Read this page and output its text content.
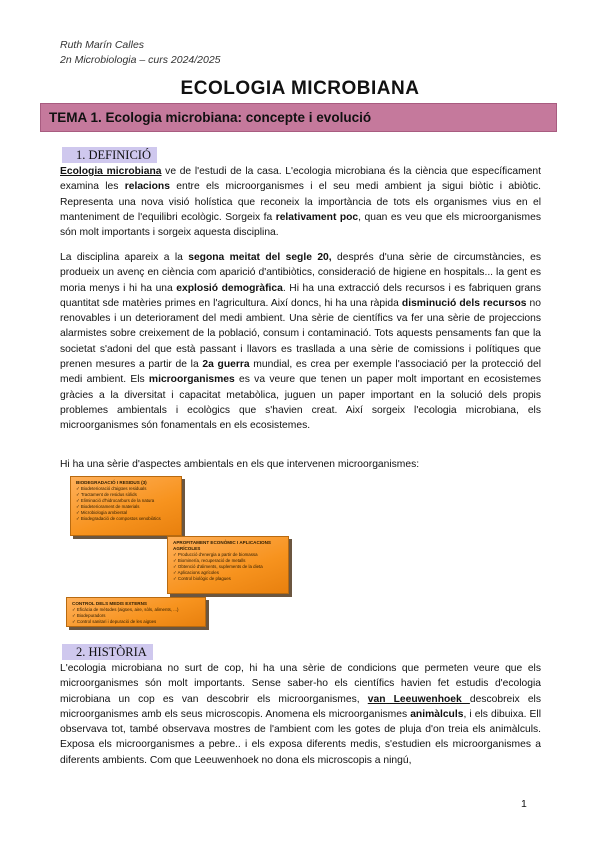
Ruth Marín Calles
2n Microbiologia – curs 2024/2025
ECOLOGIA MICROBIANA
TEMA 1. Ecologia microbiana: concepte i evolució
1. DEFINICIÓ

Ecologia microbiana ve de l'estudi de la casa. L'ecologia microbiana és la ciència que específicament examina les relacions entre els microorganismes i el seu medi ambient ja sigui biòtic i abiòtic. Representa una nova visió holística que reconeix la importància de tots els organismes vius en el manteniment de l'equilibri ecològic. Sorgeix fa relativament poc, quan es veu que els microorganismes són molt importants i sorgeix aquesta disciplina.

La disciplina apareix a la segona meitat del segle 20, després d'una sèrie de circumstàncies, es produeix un avenç en ciència com aparició d'antibiòtics, consideració de higiene en hospitals... la gent es moria menys i hi ha una explosió demogràfica. Hi ha una extracció dels recursos i es fabriquen grans quantitat sde matèries primes en l'agricultura. Així doncs, hi ha una ràpida disminució dels recursos no renovables i un deteriorament del medi ambient. Una sèrie de científics va fer una sèrie de projeccions alarmistes sobre creixement de la població, consum i contaminació. Tots aquests pensaments fan que la societat s'adoni del que està passant i llavors es trasllada a una sèrie de comissions i polítiques que prenen mesures a partir de la 2a guerra mundial, es crea per exemple l'associació per la protecció del medi ambient. Els microorganismes es va veure que tenen un paper molt important en ecosistemes gràcies a la diversitat i capacitat metabòlica, juguen un paper important en la solució dels propis problemes ambientals i ecològics que s'havien creat. Així sorgeix l'ecologia microbiana, els microorganismes són fonamentals en els ecosistemes.

Hi ha una sèrie d'aspectes ambientals en els que intervenen microorganismes:

BIODEGRADACIÓ I RESIDUS (3)
✓ Biodeterioració d'aigües residuals
✓ Tractament de residus sòlids
✓ Eliminació d'hidrocarburs de la natura
✓ Biodeteriorament de materials
✓ Microbiologia ambiental
✓ Biodegradació de compostos xenobiòtics
APROFITAMENT ECONÒMIC I APLICACIONS AGRÍCOLES
✓ Producció d'energia a partir de biomassa
✓ Biominería, recuperació de metalls
✓ Obtenció d'aliments, suplements de la dieta
✓ Aplicacions agrícoles
✓ Control biològic de plagues
CONTROL DELS MEDIS EXTERNS
✓ Eficàcia de mètodes (aigües, aire, sòls, aliments, ...)
✓ Biodepuradors
✓ Control sanitari i depuració de les aigües
2. HISTÒRIA

L'ecologia microbiana no surt de cop, hi ha una sèrie de condicions que permeten veure que els microorganismes són molt importants. Sense saber-ho els científics havien fet estudis d'ecologia microbiana un cop es van descobrir els microorganismes, van Leeuwenhoek descobreix els microorganismes amb els seus microscopis. Anomena els microorganismes animàlculs, i els dibuixa. Ell observava tot, també observava mostres de l'ambient com les gotes de pluja d'on treia els animàlculs. Exposa els microorganismes a pebre.. i els exposa diferents medis, s'estudien els microorganismes a diferents ambients. Com que Leeuwenhoek no dona els microscopis a ningú,

1
